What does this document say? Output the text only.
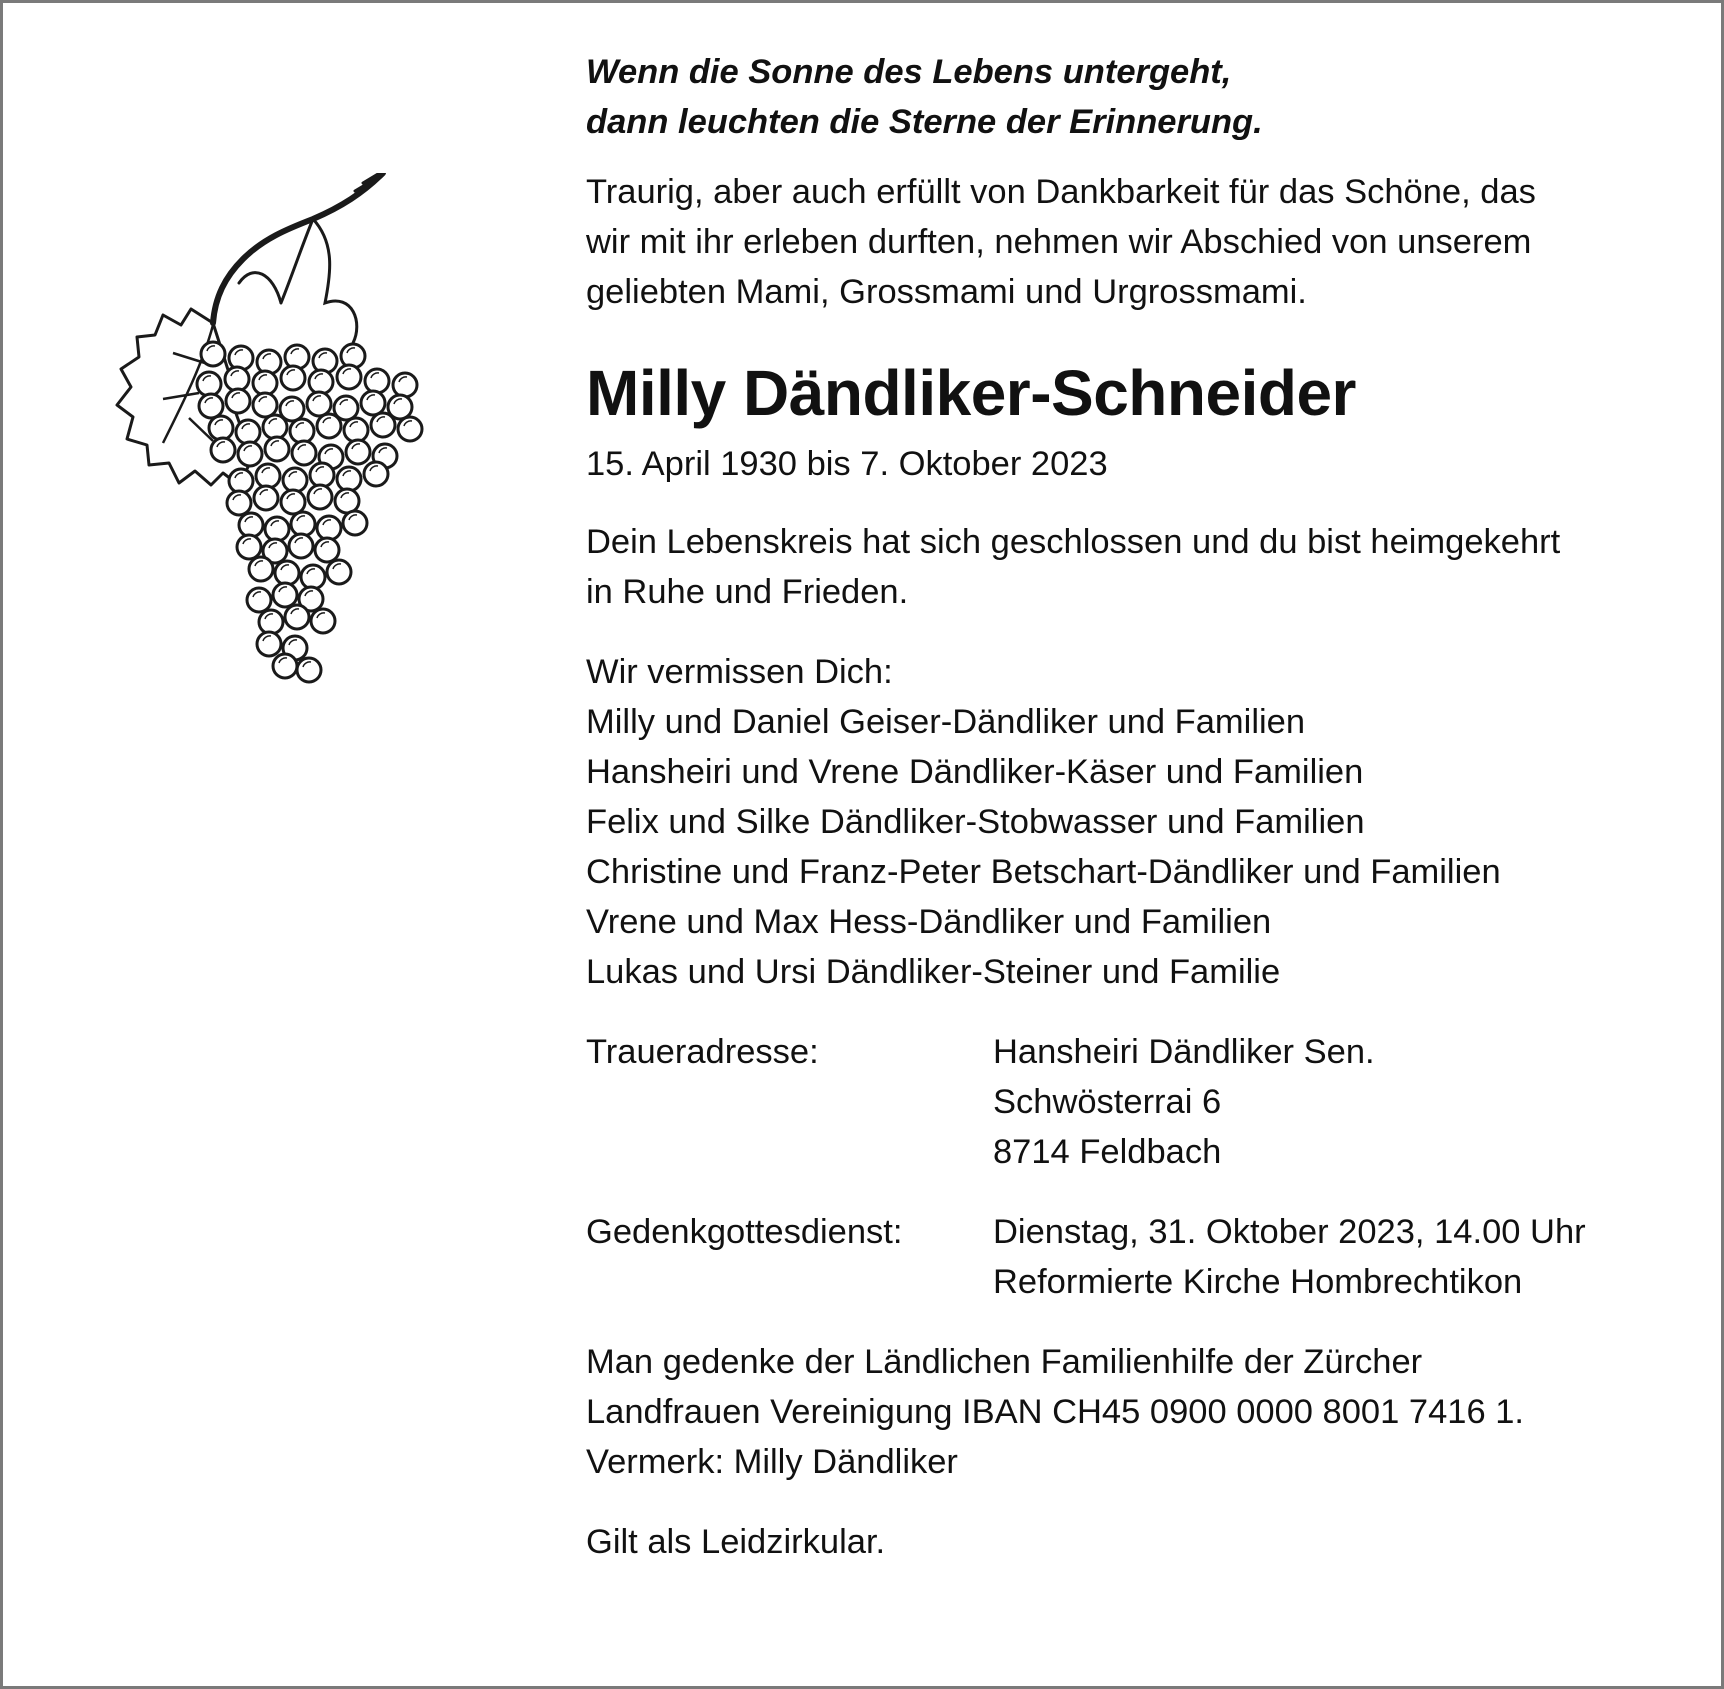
Wenn die Sonne des Lebens untergeht,
dann leuchten die Sterne der Erinnerung.
Traurig, aber auch erfüllt von Dankbarkeit für das Schöne, das
wir mit ihr erleben durften, nehmen wir Abschied von unserem
geliebten Mami, Grossmami und Urgrossmami.
Milly Dändliker-Schneider
15. April 1930 bis 7. Oktober 2023
Dein Lebenskreis hat sich geschlossen und du bist heimgekehrt
in Ruhe und Frieden.
Wir vermissen Dich:
Milly und Daniel Geiser-Dändliker und Familien
Hansheiri und Vrene Dändliker-Käser und Familien
Felix und Silke Dändliker-Stobwasser und Familien
Christine und Franz-Peter Betschart-Dändliker und Familien
Vrene und Max Hess-Dändliker und Familien
Lukas und Ursi Dändliker-Steiner und Familie
Traueradresse:	Hansheiri Dändliker Sen.
Schwösterrai 6
8714 Feldbach
Gedenkgottesdienst:	Dienstag, 31. Oktober 2023, 14.00 Uhr
Reformierte Kirche Hombrechtikon
Man gedenke der Ländlichen Familienhilfe der Zürcher
Landfrauen Vereinigung IBAN CH45 0900 0000 8001 7416 1.
Vermerk: Milly Dändliker
Gilt als Leidzirkular.
